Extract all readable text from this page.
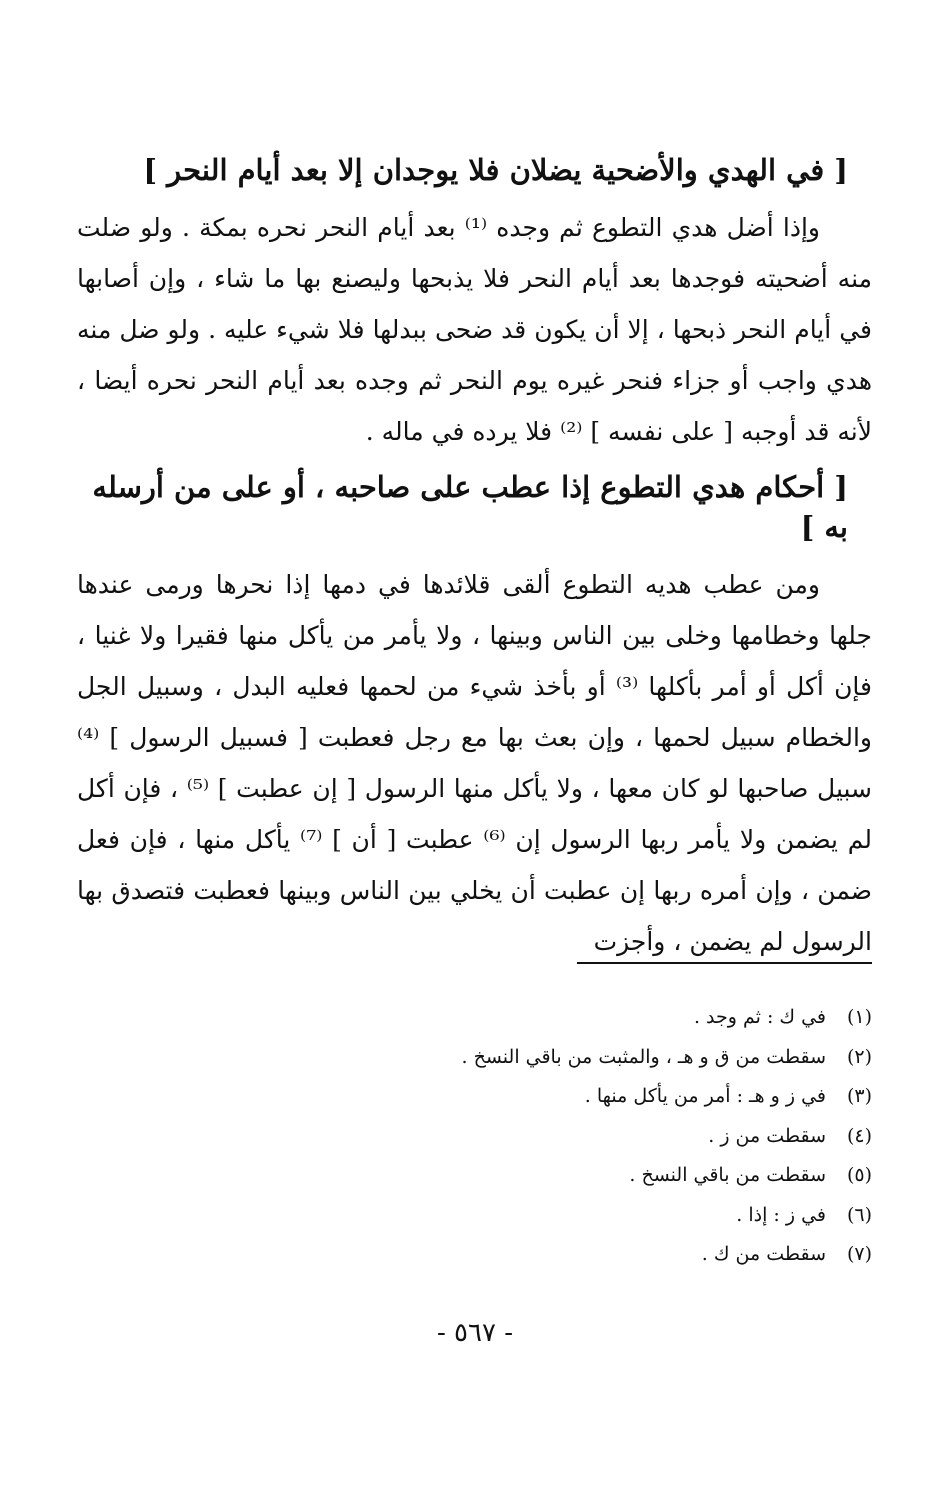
[ في الهدي والأضحية يضلان فلا يوجدان إلا بعد أيام النحر ]

وإذا أضل هدي التطوع ثم وجده ⁽¹⁾ بعد أيام النحر نحره بمكة . ولو ضلت منه أضحيته فوجدها بعد أيام النحر فلا يذبحها وليصنع بها ما شاء ، وإن أصابها في أيام النحر ذبحها ، إلا أن يكون قد ضحى ببدلها فلا شيء عليه . ولو ضل منه هدي واجب أو جزاء فنحر غيره يوم النحر ثم وجده بعد أيام النحر نحره أيضا ، لأنه قد أوجبه [ على نفسه ] ⁽²⁾ فلا يرده في ماله .

[ أحكام هدي التطوع إذا عطب على صاحبه ، أو على من أرسله به ]

ومن عطب هديه التطوع ألقى قلائدها في دمها إذا نحرها ورمى عندها جلها وخطامها وخلى بين الناس وبينها ، ولا يأمر من يأكل منها فقيرا ولا غنيا ، فإن أكل أو أمر بأكلها ⁽³⁾ أو بأخذ شيء من لحمها فعليه البدل ، وسبيل الجل والخطام سبيل لحمها ، وإن بعث بها مع رجل فعطبت [ فسبيل الرسول ] ⁽⁴⁾ سبيل صاحبها لو كان معها ، ولا يأكل منها الرسول [ إن عطبت ] ⁽⁵⁾ ، فإن أكل لم يضمن ولا يأمر ربها الرسول إن ⁽⁶⁾ عطبت [ أن ] ⁽⁷⁾ يأكل منها ، فإن فعل ضمن ، وإن أمره ربها إن عطبت أن يخلي بين الناس وبينها فعطبت فتصدق بها الرسول لم يضمن ، وأجزت

(١)في ك : ثم وجد .
(٢)سقطت من ق و هـ ، والمثبت من باقي النسخ .
(٣)في ز و هـ : أمر من يأكل منها .
(٤)سقطت من ز .
(٥)سقطت من باقي النسخ .
(٦)في ز : إذا .
(٧)سقطت من ك .
- ٥٦٧ -
